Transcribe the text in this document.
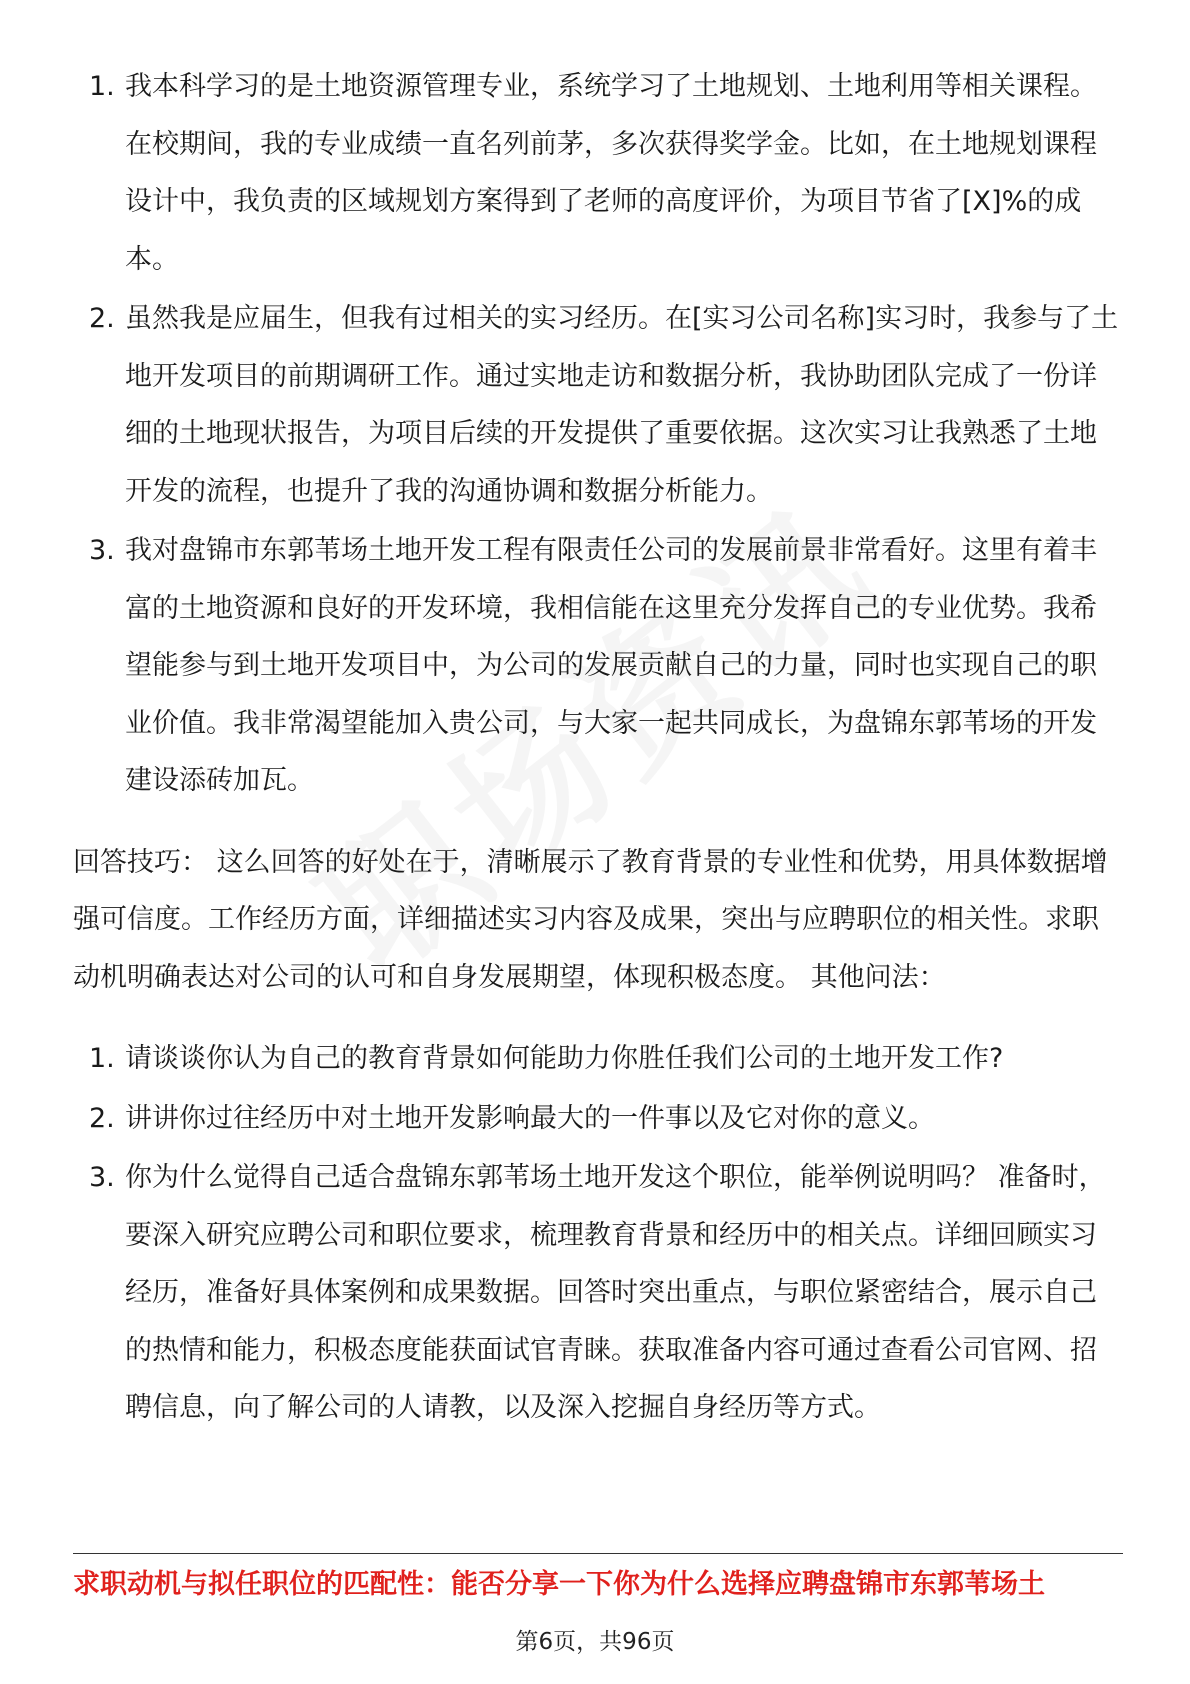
1. 我本科学习的是土地资源管理专业，系统学习了土地规划、土地利用等相关课程。在校期间，我的专业成绩一直名列前茅，多次获得奖学金。比如，在土地规划课程设计中，我负责的区域规划方案得到了老师的高度评价，为项目节省了[X]%的成本。
2. 虽然我是应届生，但我有过相关的实习经历。在[实习公司名称]实习时，我参与了土地开发项目的前期调研工作。通过实地走访和数据分析，我协助团队完成了一份详细的土地现状报告，为项目后续的开发提供了重要依据。这次实习让我熟悉了土地开发的流程，也提升了我的沟通协调和数据分析能力。
3. 我对盘锦市东郭苇场土地开发工程有限责任公司的发展前景非常看好。这里有着丰富的土地资源和良好的开发环境，我相信能在这里充分发挥自己的专业优势。我希望能参与到土地开发项目中，为公司的发展贡献自己的力量，同时也实现自己的职业价值。我非常渴望能加入贵公司，与大家一起共同成长，为盘锦东郭苇场的开发建设添砖加瓦。

回答技巧： 这么回答的好处在于，清晰展示了教育背景的专业性和优势，用具体数据增强可信度。工作经历方面，详细描述实习内容及成果，突出与应聘职位的相关性。求职动机明确表达对公司的认可和自身发展期望，体现积极态度。 其他问法：

1. 请谈谈你认为自己的教育背景如何能助力你胜任我们公司的土地开发工作?
2. 讲讲你过往经历中对土地开发影响最大的一件事以及它对你的意义。
3. 你为什么觉得自己适合盘锦东郭苇场土地开发这个职位，能举例说明吗？ 准备时，要深入研究应聘公司和职位要求，梳理教育背景和经历中的相关点。详细回顾实习经历，准备好具体案例和成果数据。回答时突出重点，与职位紧密结合，展示自己的热情和能力，积极态度能获面试官青睐。获取准备内容可通过查看公司官网、招聘信息，向了解公司的人请教，以及深入挖掘自身经历等方式。
求职动机与拟任职位的匹配性：能否分享一下你为什么选择应聘盘锦市东郭苇场土
第6页，共96页
